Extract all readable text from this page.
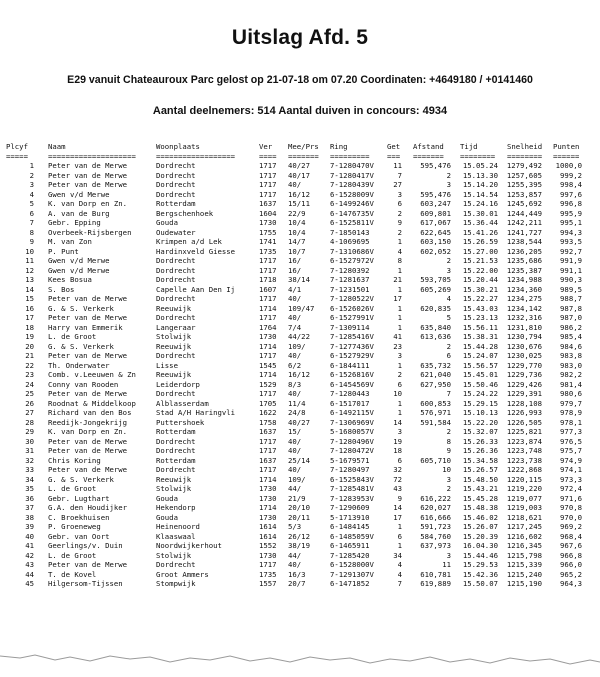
Uitslag Afd. 5
E29 vanuit Chateauroux Parc gelost op 21-07-18 om 07.20 Coordinaten: +4649180 / +0141460
Aantal deelnemers: 514 Aantal duiven in concours: 4934
Plcyf	Naam	Woonplaats	Ver Mee/Prs Ring	Get Afstand Tijd	Snelheid Punten
=====	====================	==================	==== ======= ========= === ======= ======== ======== ======
1 Peter van de Merwe	Dordrecht	1717	40/27	7-1280470V	11	595,476	15.05.24	1279,492	1000,0
2 Peter van de Merwe	Dordrecht	1717	40/17	7-1280417V	7	2	15.13.30	1257,605	999,2
3 Peter van de Merwe	Dordrecht	1717	40/	7-1280439V	27	3	15.14.20	1255,395	998,4
4 Gwen v/d Merwe	Dordrecht	1717	16/12	6-1528009V	3	595,476	15.14.54	1253,857	997,6
5 K. van Dorp en Zn.	Rotterdam	1637	15/11	6-1499246V	6	603,247	15.24.16	1245,692	996,8
6 A. van de Burg	Bergschenhoek	1604	22/9	6-1476735V	2	609,801	15.30.01	1244,449	995,9
7 Gebr. Epping	Gouda	1730	10/4	6-1525811V	9	617,067	15.36.44	1242,211	995,1
8 Overbeek-Rijsbergen	Oudewater	1755	10/4	7-1850143	2	622,645	15.41.26	1241,727	994,3
9 M. van Zon	Krimpen a/d Lek	1741	14/7	4-1069695	1	603,150	15.26.59	1238,544	993,5
10 P. Punt	Hardinxveld Giesse	1735	10/7	7-1310686V	4	602,052	15.27.00	1236,205	992,7
11 Gwen v/d Merwe	Dordrecht	1717	16/	6-1527972V	8	2	15.21.53	1235,686	991,9
12 Gwen v/d Merwe	Dordrecht	1717	16/	7-1280392	1	3	15.22.00	1235,387	991,1
13 Kees Bosua	Dordrecht	1718	38/14	7-1281637	21	593,705	15.20.44	1234,988	990,3
14 S. Bos	Capelle Aan Den Ij	1607	4/1	7-1231501	1	605,269	15.30.21	1234,360	989,5
15 Peter van de Merwe	Dordrecht	1717	40/	7-1280522V	17	4	15.22.27	1234,275	988,7
16 G. & S. Verkerk	Reeuwijk	1714	109/47	6-1526026V	1	620,835	15.43.03	1234,142	987,8
17 Peter van de Merwe	Dordrecht	1717	40/	6-1527991V	1	5	15.23.13	1232,316	987,0
18 Harry van Emmerik	Langeraar	1764	7/4	7-1309114	1	635,840	15.56.11	1231,810	986,2
19 L. de Groot	Stolwijk	1730	44/22	7-1285416V	41	613,636	15.38.31	1230,794	985,4
20 G. & S. Verkerk	Reeuwijk	1714	109/	7-1277436V	23	2	15.44.28	1230,676	984,6
21 Peter van de Merwe	Dordrecht	1717	40/	6-1527929V	3	6	15.24.07	1230,025	983,8
22 Th. Onderwater	Lisse	1545	6/2	6-1844111	1	635,732	15.56.57	1229,770	983,0
23 Comb. v.Leeuwen & Zn	Reeuwijk	1714	16/12	6-1526816V	2	621,040	15.45.01	1229,736	982,2
24 Conny van Rooden	Leiderdorp	1529	8/3	6-1454569V	6	627,950	15.50.46	1229,426	981,4
25 Peter van de Merwe	Dordrecht	1717	40/	7-1280443	10	7	15.24.22	1229,391	980,6
26 Roodnat & Middelkoop	Alblasserdam	1705	11/4	6-1517017	1	600,853	15.29.15	1228,108	979,7
27 Richard van den Bos	Stad A/H Haringvli	1622	24/8	6-1492115V	1	576,971	15.10.13	1226,993	978,9
28 Reedijk-Jongekrijg	Puttershoek	1758	40/27	7-1306969V	14	591,584	15.22.20	1226,505	978,1
29 K. van Dorp en Zn.	Rotterdam	1637	15/	5-1680057V	3	2	15.32.07	1225,821	977,3
30 Peter van de Merwe	Dordrecht	1717	40/	7-1280496V	19	8	15.26.33	1223,874	976,5
31 Peter van de Merwe	Dordrecht	1717	40/	7-1280472V	18	9	15.26.36	1223,748	975,7
32 Chris Koring	Rotterdam	1637	25/14	5-1679571	6	605,710	15.34.58	1223,738	974,9
33 Peter van de Merwe	Dordrecht	1717	40/	7-1280497	32	10	15.26.57	1222,868	974,1
34 G. & S. Verkerk	Reeuwijk	1714	109/	6-1525843V	72	3	15.48.50	1220,115	973,3
35 L. de Groot	Stolwijk	1730	44/	7-1285481V	43	2	15.43.21	1219,220	972,4
36 Gebr. Lugthart	Gouda	1730	21/9	7-1283953V	9	616,222	15.45.28	1219,077	971,6
37 G.A. den Houdijker	Hekendorp	1714	20/10	7-1290609	14	620,027	15.48.38	1219,003	970,8
38 C. Broekhuisen	Gouda	1730	20/11	5-1713910	17	616,666	15.46.02	1218,621	970,0
39 P. Groeneweg	Heinenoord	1614	5/3	6-1484145	1	591,723	15.26.07	1217,245	969,2
40 Gebr. van Oort	Klaaswaal	1614	26/12	6-1485059V	6	584,760	15.20.39	1216,602	968,4
41 Geerlings/v. Duin	Noordwijkerhout	1552	38/19	6-1465911	1	637,973	16.04.30	1216,345	967,6
42 L. de Groot	Stolwijk	1730	44/	7-1285420	34	3	15.44.46	1215,798	966,8
43 Peter van de Merwe	Dordrecht	1717	40/	6-1528000V	4	11	15.29.53	1215,339	966,0
44 T. de Kovel	Groot Ammers	1735	16/3	7-1291307V	4	610,781	15.42.36	1215,240	965,2
45 Hilgersom-Tijssen	Stompwijk	1557	20/7	6-1471852	7	619,889	15.50.07	1215,190	964,3
